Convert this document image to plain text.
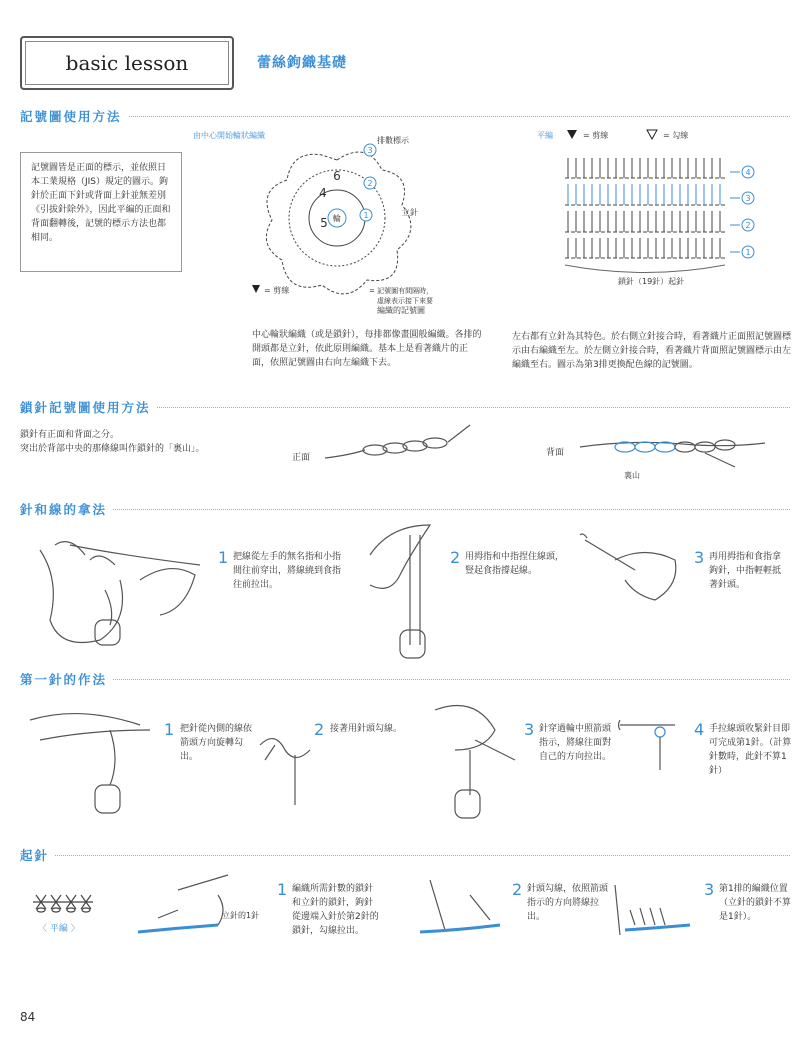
basic lesson	蕾絲鉤織基礎
記號圖使用方法
記號圖皆是正面的標示，並依照日本工業規格（JIS）規定的圖示。鉤針於正面下針或背面上針並無差別《引拔針除外》，因此平編的正面和背面翻轉後，記號的標示方法也都相同。
由中心開始輪狀編織
輪
6
4
5
3
2
1
排數標示
立針
= 剪線	= 記號圖有間隔時，
虛線表示接下來要
編織的記號圖
中心輪狀編織（或是鎖針），每排都像畫圓般編織。各排的開頭都是立針，依此原則編織。基本上是看著織片的正面，依照記號圖由右向左編織下去。
平編	= 剪線	= 勾線
4
3
2
1
鎖針（19針）起針
左右都有立針為其特色。於右側立針接合時，看著織片正面照記號圖標示由右編織至左。於左側立針接合時，看著織片背面照記號圖標示由左編織至右。圖示為第3排更換配色線的記號圖。
鎖針記號圖使用方法
鎖針有正面和背面之分。
突出於背部中央的那條線叫作鎖針的「裏山」。
正面	背面
裏山
針和線的拿法
1 把線從左手的無名指和小指間往前穿出，將線繞到食指往前拉出。
2 用拇指和中指捏住線頭，豎起食指撐起線。
3 再用拇指和食指拿鉤針，中指輕輕抵著針頭。
第一針的作法
1 把針從內側的線依箭頭方向旋轉勾出。
2 接著用針頭勾線。	3 針穿過輪中照箭頭指示，將線往面對自己的方向拉出。
4 手拉線頭收緊針目即可完成第1針。（計算針數時，此針不算1針）
起針
〈 平編 〉
立針的1針
1 編織所需針數的鎖針和立針的鎖針，鉤針從邊端入針於第2針的鎖針，勾線拉出。
2 針頭勾線，依照箭頭指示的方向將線拉出。
3 第1排的編織位置（立針的鎖針不算是1針）。
84
